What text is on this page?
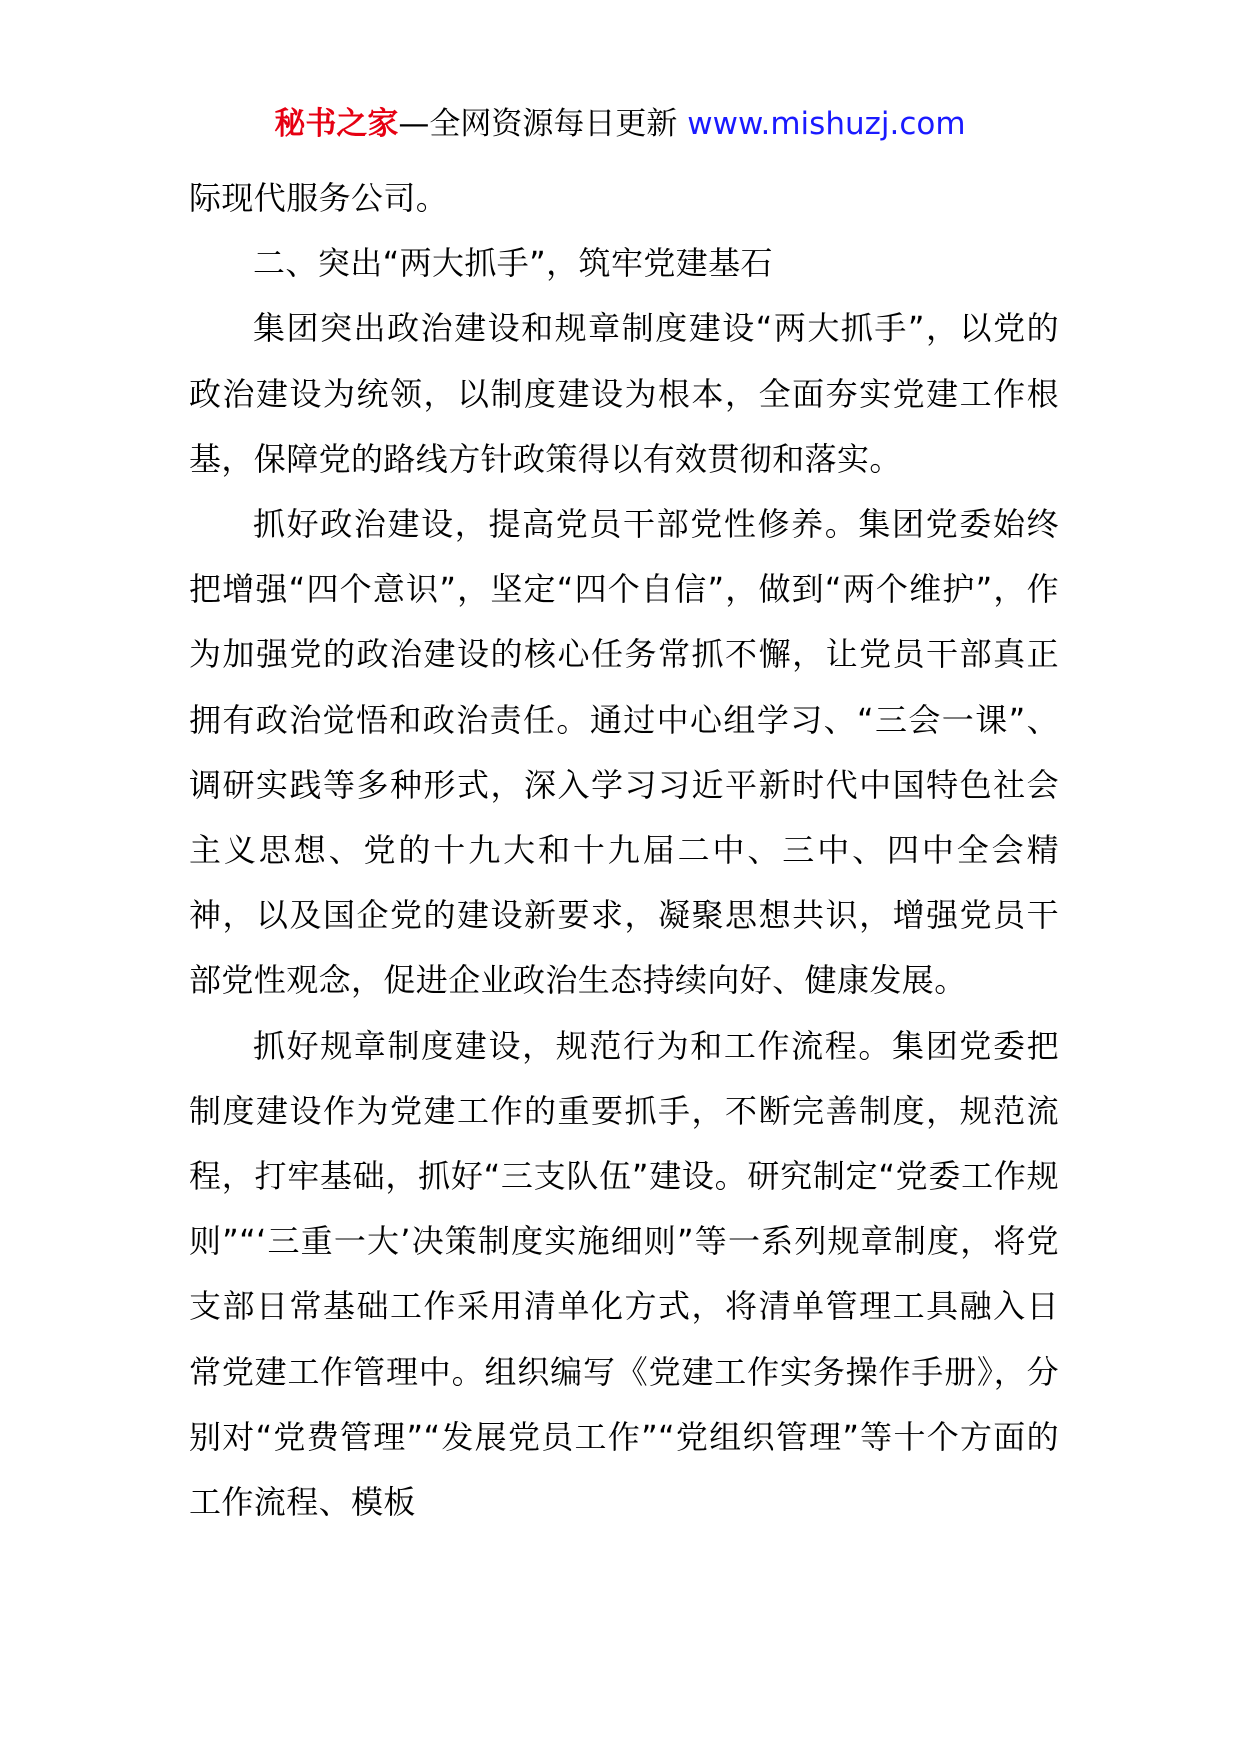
秘书之家—全网资源每日更新 www.mishuzj.com

际现代服务公司。

二、突出“两大抓手”，筑牢党建基石

集团突出政治建设和规章制度建设“两大抓手”，以党的政治建设为统领，以制度建设为根本，全面夯实党建工作根基，保障党的路线方针政策得以有效贯彻和落实。

抓好政治建设，提高党员干部党性修养。集团党委始终把增强“四个意识”，坚定“四个自信”，做到“两个维护”，作为加强党的政治建设的核心任务常抓不懈，让党员干部真正拥有政治觉悟和政治责任。通过中心组学习、“三会一课”、调研实践等多种形式，深入学习习近平新时代中国特色社会主义思想、党的十九大和十九届二中、三中、四中全会精神，以及国企党的建设新要求，凝聚思想共识，增强党员干部党性观念，促进企业政治生态持续向好、健康发展。

抓好规章制度建设，规范行为和工作流程。集团党委把制度建设作为党建工作的重要抓手，不断完善制度，规范流程，打牢基础，抓好“三支队伍”建设。研究制定“党委工作规则”“‘三重一大’决策制度实施细则”等一系列规章制度，将党支部日常基础工作采用清单化方式，将清单管理工具融入日常党建工作管理中。组织编写《党建工作实务操作手册》，分别对“党费管理”“发展党员工作”“党组织管理”等十个方面的工作流程、模板
